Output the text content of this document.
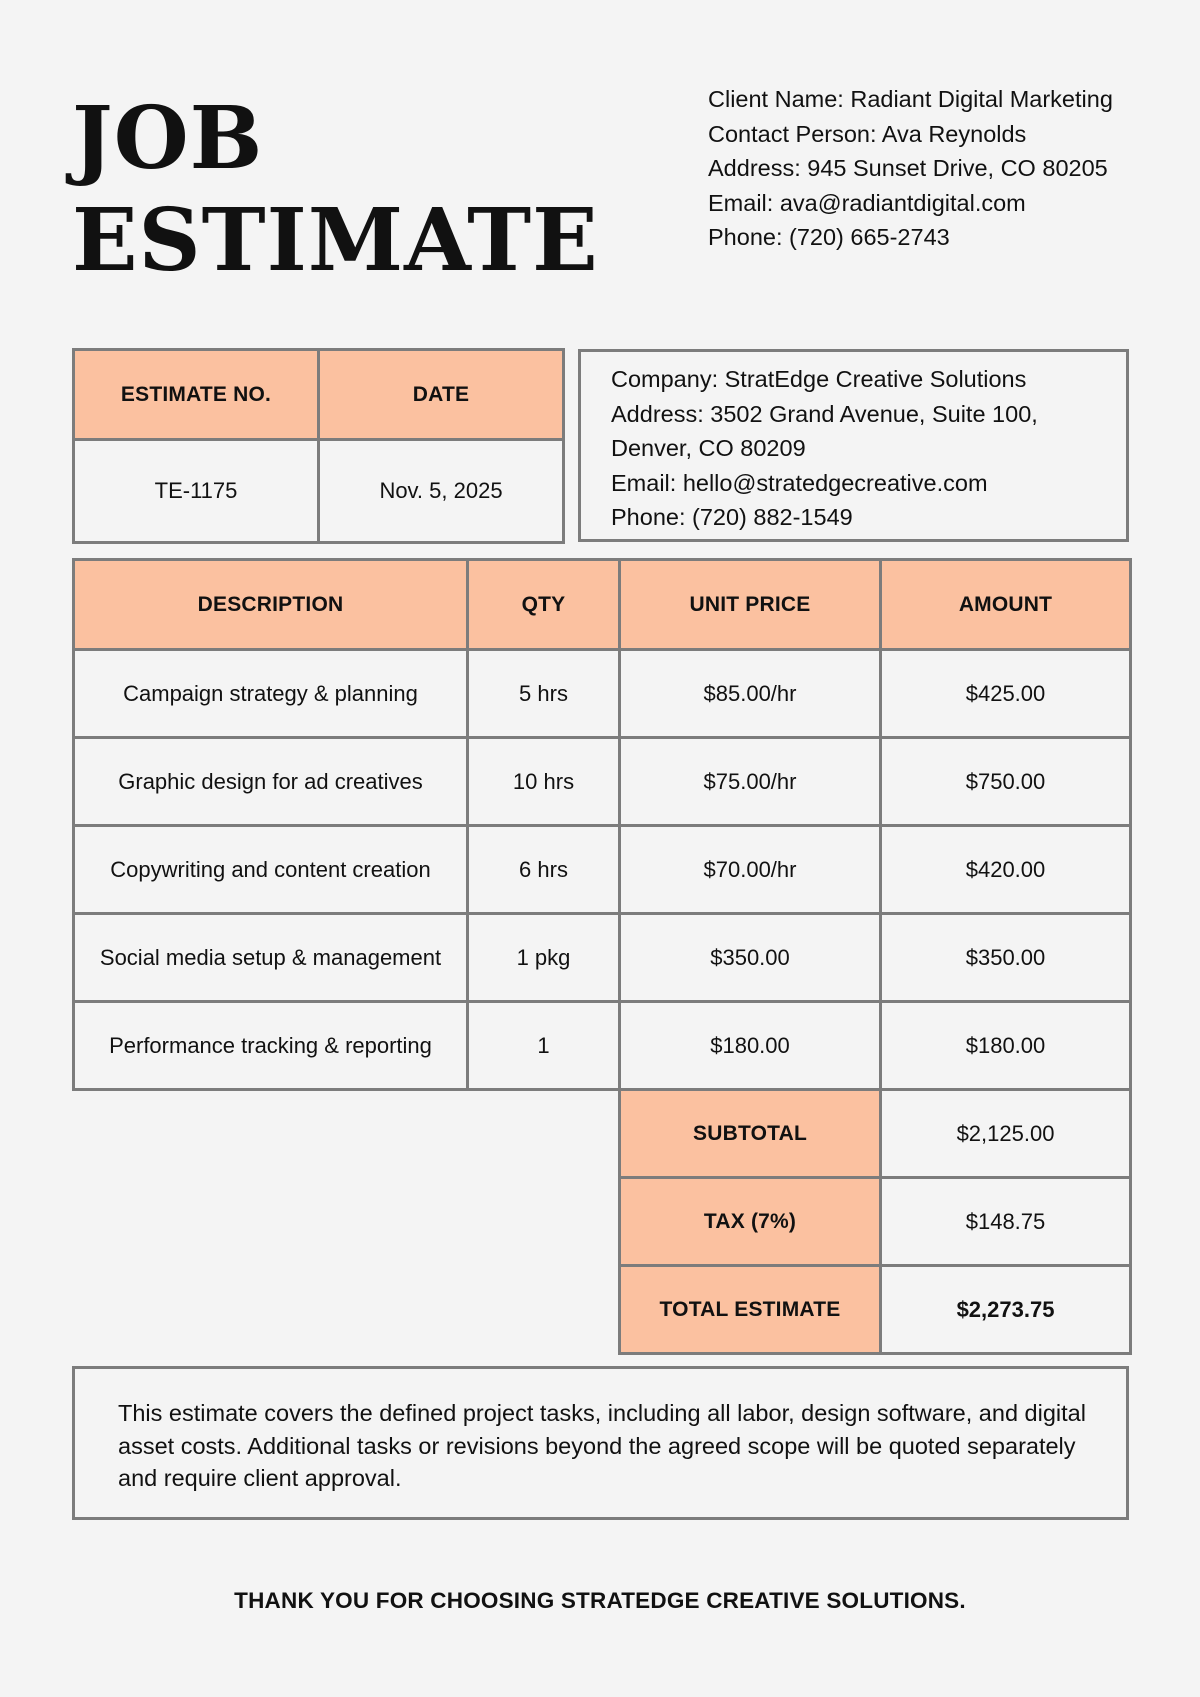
JOB
ESTIMATE
Client Name: Radiant Digital Marketing
Contact Person: Ava Reynolds
Address: 945 Sunset Drive, CO 80205
Email: ava@radiantdigital.com
Phone: (720) 665-2743
ESTIMATE NO.	DATE
TE-1175	Nov. 5, 2025
Company: StratEdge Creative Solutions
Address: 3502 Grand Avenue, Suite 100, Denver, CO 80209
Email: hello@stratedgecreative.com
Phone: (720) 882-1549
DESCRIPTION	QTY	UNIT PRICE	AMOUNT
Campaign strategy & planning	5 hrs	$85.00/hr	$425.00
Graphic design for ad creatives	10 hrs	$75.00/hr	$750.00
Copywriting and content creation	6 hrs	$70.00/hr	$420.00
Social media setup & management	1 pkg	$350.00	$350.00
Performance tracking & reporting	1	$180.00	$180.00
		SUBTOTAL	$2,125.00
		TAX (7%)	$148.75
		TOTAL ESTIMATE	$2,273.75
This estimate covers the defined project tasks, including all labor, design software, and digital asset costs. Additional tasks or revisions beyond the agreed scope will be quoted separately and require client approval.
THANK YOU FOR CHOOSING STRATEDGE CREATIVE SOLUTIONS.
